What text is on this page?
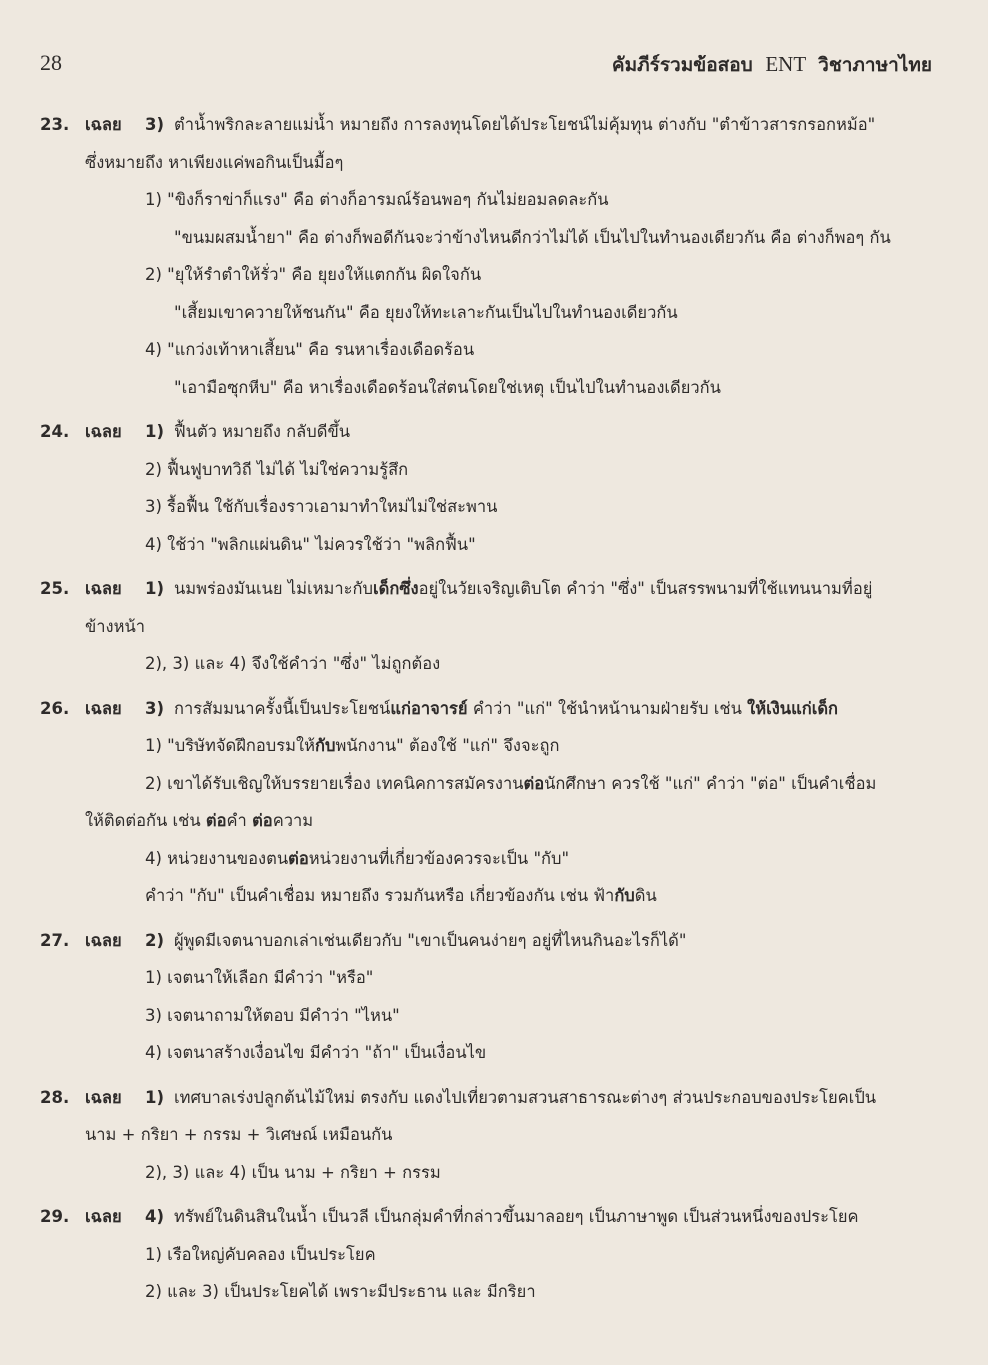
28	คัมภีร์รวมข้อสอบ ENT วิชาภาษาไทย
23. เฉลย 3) ตำน้ำพริกละลายแม่น้ำ หมายถึง การลงทุนโดยได้ประโยชน์ไม่คุ้มทุน ต่างกับ "ตำข้าวสารกรอกหม้อ"
ซึ่งหมายถึง หาเพียงแค่พอกินเป็นมื้อๆ
1) "ขิงก็ราข่าก็แรง" คือ ต่างก็อารมณ์ร้อนพอๆ กันไม่ยอมลดละกัน
"ขนมผสมน้ำยา" คือ ต่างก็พอดีกันจะว่าข้างไหนดีกว่าไม่ได้ เป็นไปในทำนองเดียวกัน คือ ต่างก็พอๆ กัน
2) "ยุให้รำตำให้รั่ว" คือ ยุยงให้แตกกัน ผิดใจกัน
"เสี้ยมเขาควายให้ชนกัน" คือ ยุยงให้ทะเลาะกันเป็นไปในทำนองเดียวกัน
4) "แกว่งเท้าหาเสี้ยน" คือ รนหาเรื่องเดือดร้อน
"เอามือซุกหีบ" คือ หาเรื่องเดือดร้อนใส่ตนโดยใช่เหตุ เป็นไปในทำนองเดียวกัน
24. เฉลย 1) ฟื้นตัว หมายถึง กลับดีขึ้น
2) ฟื้นฟูบาทวิถี ไม่ได้ ไม่ใช่ความรู้สึก
3) รื้อฟื้น ใช้กับเรื่องราวเอามาทำใหม่ไม่ใช่สะพาน
4) ใช้ว่า "พลิกแผ่นดิน" ไม่ควรใช้ว่า "พลิกฟื้น"
25. เฉลย 1) นมพร่องมันเนย ไม่เหมาะกับเด็กซึ่งอยู่ในวัยเจริญเติบโต คำว่า "ซึ่ง" เป็นสรรพนามที่ใช้แทนนามที่อยู่
ข้างหน้า
2), 3) และ 4) จึงใช้คำว่า "ซึ่ง" ไม่ถูกต้อง
26. เฉลย 3) การสัมมนาครั้งนี้เป็นประโยชน์แก่อาจารย์ คำว่า "แก่" ใช้นำหน้านามฝ่ายรับ เช่น ให้เงินแก่เด็ก
1) "บริษัทจัดฝึกอบรมให้กับพนักงาน" ต้องใช้ "แก่" จึงจะถูก
2) เขาได้รับเชิญให้บรรยายเรื่อง เทคนิคการสมัครงานต่อนักศึกษา ควรใช้ "แก่" คำว่า "ต่อ" เป็นคำเชื่อม
ให้ติดต่อกัน เช่น ต่อคำ ต่อความ
4) หน่วยงานของตนต่อหน่วยงานที่เกี่ยวข้องควรจะเป็น "กับ"
คำว่า "กับ" เป็นคำเชื่อม หมายถึง รวมกันหรือ เกี่ยวข้องกัน เช่น ฟ้ากับดิน
27. เฉลย 2) ผู้พูดมีเจตนาบอกเล่าเช่นเดียวกับ "เขาเป็นคนง่ายๆ อยู่ที่ไหนกินอะไรก็ได้"
1) เจตนาให้เลือก มีคำว่า "หรือ"
3) เจตนาถามให้ตอบ มีคำว่า "ไหน"
4) เจตนาสร้างเงื่อนไข มีคำว่า "ถ้า" เป็นเงื่อนไข
28. เฉลย 1) เทศบาลเร่งปลูกต้นไม้ใหม่ ตรงกับ แดงไปเที่ยวตามสวนสาธารณะต่างๆ ส่วนประกอบของประโยคเป็น
นาม + กริยา + กรรม + วิเศษณ์ เหมือนกัน
2), 3) และ 4) เป็น นาม + กริยา + กรรม
29. เฉลย 4) ทรัพย์ในดินสินในน้ำ เป็นวลี เป็นกลุ่มคำที่กล่าวขึ้นมาลอยๆ เป็นภาษาพูด เป็นส่วนหนึ่งของประโยค
1) เรือใหญ่คับคลอง เป็นประโยค
2) และ 3) เป็นประโยคได้ เพราะมีประธาน และ มีกริยา
